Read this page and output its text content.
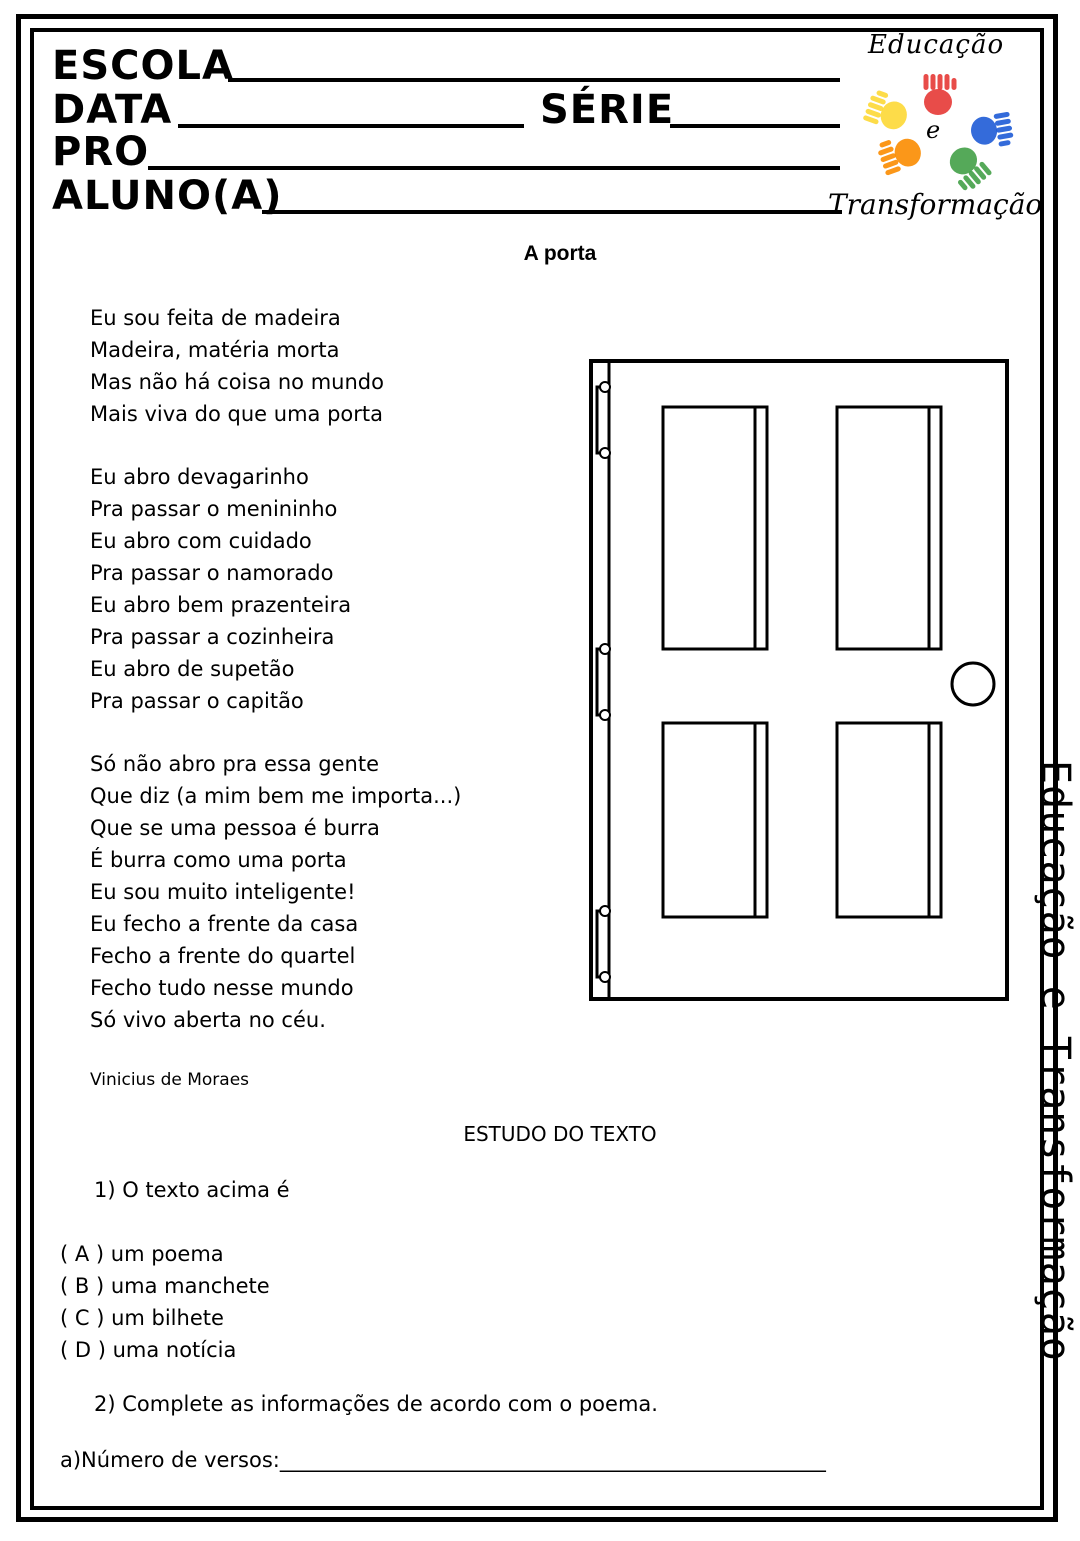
ESCOLA
DATA	SÉRIE
PRO
ALUNO(A)
Educação
e
Transformação
A porta
Eu sou feita de madeira
Madeira, matéria morta
Mas não há coisa no mundo
Mais viva do que uma porta
Eu abro devagarinho
Pra passar o menininho
Eu abro com cuidado
Pra passar o namorado
Eu abro bem prazenteira
Pra passar a cozinheira
Eu abro de supetão
Pra passar o capitão
Só não abro pra essa gente
Que diz (a mim bem me importa...)
Que se uma pessoa é burra
É burra como uma porta
Eu sou muito inteligente!
Eu fecho a frente da casa
Fecho a frente do quartel
Fecho tudo nesse mundo
Só vivo aberta no céu.
Vinicius de Moraes
ESTUDO DO TEXTO
1) O texto acima é
( A ) um poema
( B ) uma manchete
( C ) um bilhete
( D ) uma notícia
2) Complete as informações de acordo com o poema.
a)Número de versos:____________________________________________________
Educação e Transformação
